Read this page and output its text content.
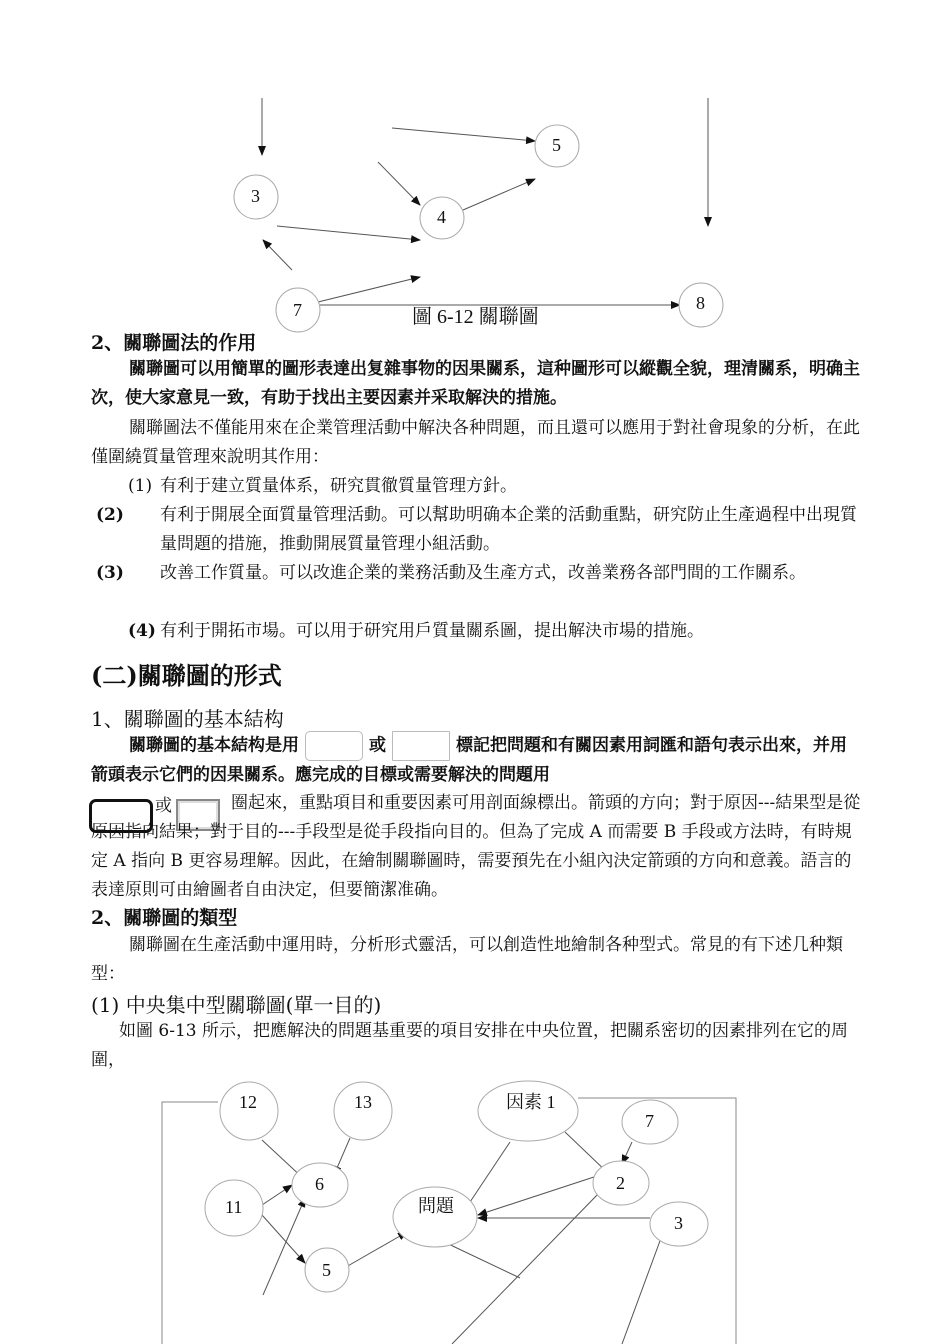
5
3
4
7	8
圖 6-12 關聯圖
2、關聯圖法的作用
關聯圖可以用簡單的圖形表達出复雜事物的因果關系，這种圖形可以縱觀全貌，理清關系，明确主次，使大家意見一致，有助于找出主要因素并采取解決的措施。
關聯圖法不僅能用來在企業管理活動中解決各种問題，而且還可以應用于對社會現象的分析，在此僅圍繞質量管理來說明其作用：
(1) 有利于建立質量体系，研究貫徹質量管理方針。
(2) 有利于開展全面質量管理活動。可以幫助明确本企業的活動重點，研究防止生產過程中出現質量問題的措施，推動開展質量管理小組活動。
(3) 改善工作質量。可以改進企業的業務活動及生產方式，改善業務各部門間的工作關系。
(4) 有利于開拓市場。可以用于研究用戶質量關系圖，提出解決市場的措施。
(二)關聯圖的形式
1、關聯圖的基本結构
關聯圖的基本結构是用	或	標記把問題和有關因素用詞匯和語句表示出來，并用箭頭表示它們的因果關系。應完成的目標或需要解決的問題用
或	圈起來，重點項目和重要因素可用剖面線標出。箭頭的方向；對于原因---結果型是從原因指向結果；對于目的---手段型是從手段指向目的。但為了完成 A 而需要 B 手段或方法時，有時規定 A 指向 B 更容易理解。因此，在繪制關聯圖時，需要預先在小組內決定箭頭的方向和意義。語言的表達原則可由繪圖者自由決定，但要簡潔准确。
2、關聯圖的類型
關聯圖在生產活動中運用時，分析形式靈活，可以創造性地繪制各种型式。常見的有下述几种類型：
(1) 中央集中型關聯圖(單一目的)
如圖 6-13 所示，把應解決的問題基重要的項目安排在中央位置，把關系密切的因素排列在它的周圍，
12	13	因素 1
7
6
11	問題
2
3
5
